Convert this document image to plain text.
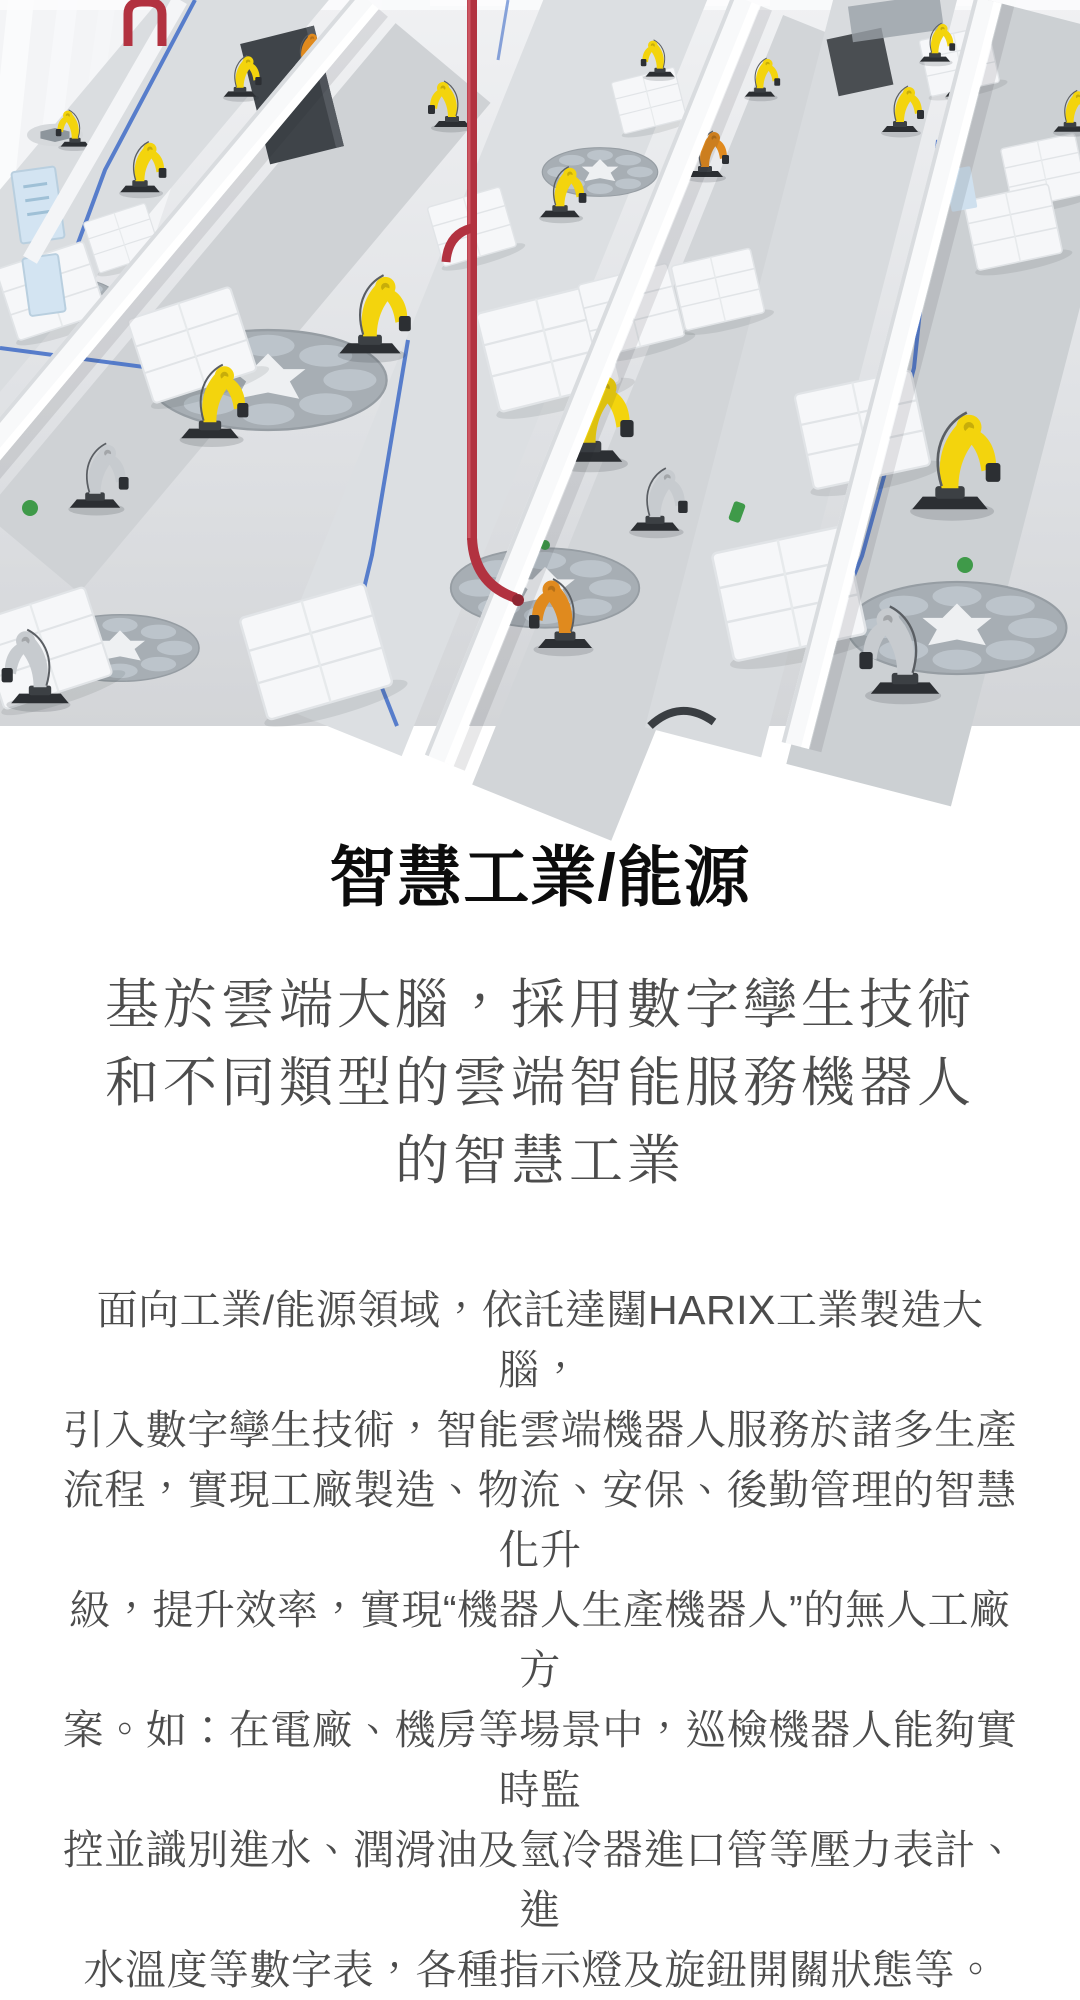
智慧工業/能源
基於雲端大腦，採用數字孿生技術
和不同類型的雲端智能服務機器人
的智慧工業

面向工業/能源領域，依託達闥HARIX工業製造大腦，
引入數字孿生技術，智能雲端機器人服務於諸多生產
流程，實現工廠製造、物流、安保、後勤管理的智慧化升
級，提升效率，實現“機器人生產機器人”的無人工廠方
案。如：在電廠、機房等場景中，巡檢機器人能夠實時監
控並識別進水、潤滑油及氫冷器進口管等壓力表計、進
水溫度等數字表，各種指示燈及旋鈕開關狀態等。
